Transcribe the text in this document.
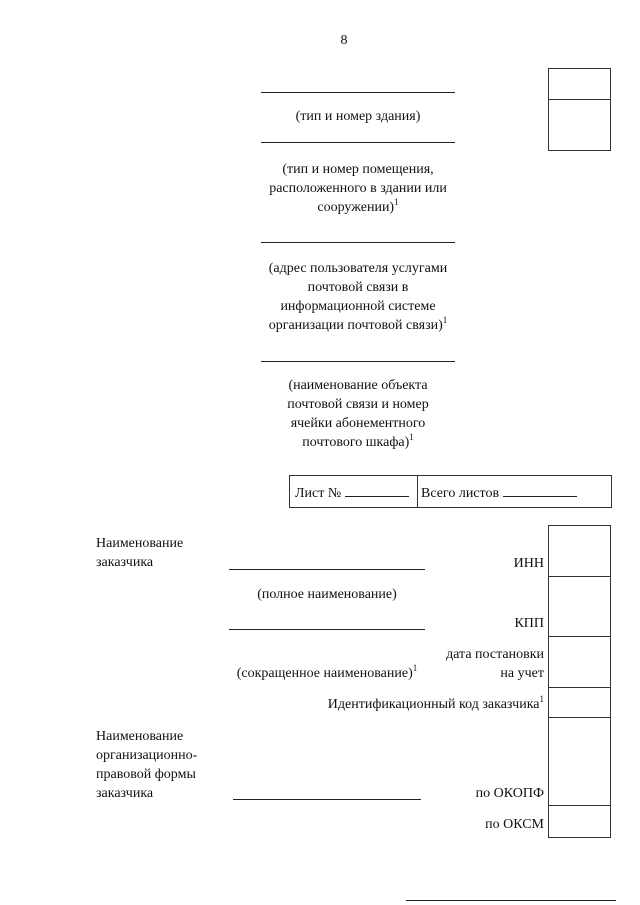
8
(тип и номер здания)
(тип и номер помещения,
расположенного в здании или
сооружении)$^1$
(адрес пользователя услугами
почтовой связи в
информационной системе
организации почтовой связи)$^1$
(наименование объекта
почтовой связи и номер
ячейки абонементного
почтового шкафа)$^1$
Лист №	Всего листов
Наименование
заказчика
(полное наименование)
(сокращенное наименование)$^1$
ИНН
КПП
дата постановки
на учет
Идентификационный код заказчика$^1$
Наименование
организационно-
правовой формы
заказчика	по ОКОПФ
по ОКСМ
